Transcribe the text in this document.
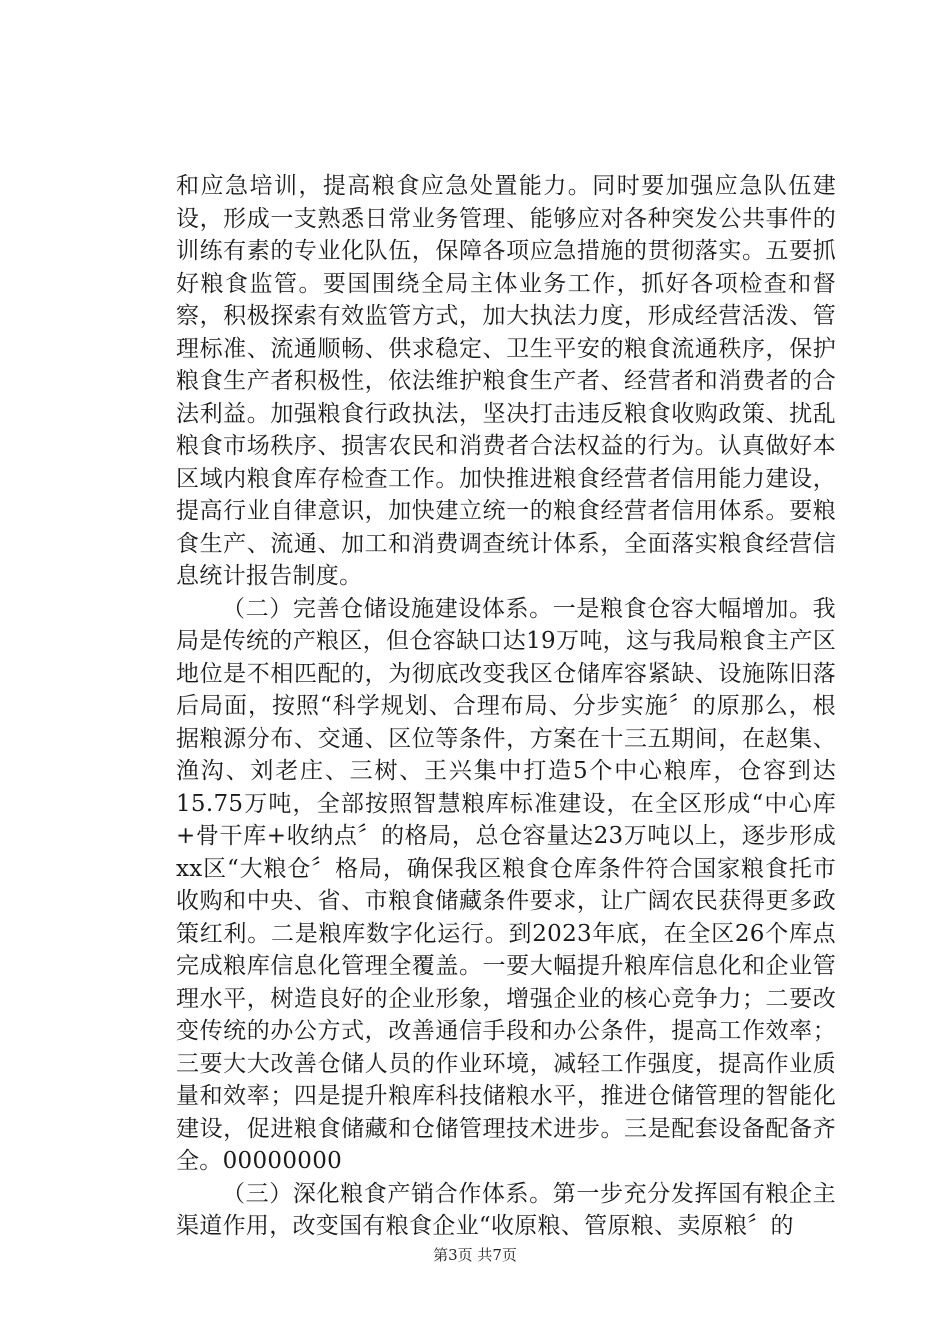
和应急培训，提高粮食应急处置能力。同时要加强应急队伍建设，形成一支熟悉日常业务管理、能够应对各种突发公共事件的训练有素的专业化队伍，保障各项应急措施的贯彻落实。五要抓好粮食监管。要国围绕全局主体业务工作，抓好各项检查和督察，积极探索有效监管方式，加大执法力度，形成经营活泼、管理标准、流通顺畅、供求稳定、卫生平安的粮食流通秩序，保护粮食生产者积极性，依法维护粮食生产者、经营者和消费者的合法利益。加强粮食行政执法，坚决打击违反粮食收购政策、扰乱粮食市场秩序、损害农民和消费者合法权益的行为。认真做好本区域内粮食库存检查工作。加快推进粮食经营者信用能力建设，提高行业自律意识，加快建立统一的粮食经营者信用体系。要粮食生产、流通、加工和消费调查统计体系，全面落实粮食经营信息统计报告制度。

（二）完善仓储设施建设体系。一是粮食仓容大幅增加。我局是传统的产粮区，但仓容缺口达19万吨，这与我局粮食主产区地位是不相匹配的，为彻底改变我区仓储库容紧缺、设施陈旧落后局面，按照“科学规划、合理布局、分步实施〞的原那么，根据粮源分布、交通、区位等条件，方案在十三五期间，在赵集、渔沟、刘老庄、三树、王兴集中打造5个中心粮库，仓容到达15.75万吨，全部按照智慧粮库标准建设，在全区形成“中心库+骨干库+收纳点〞的格局，总仓容量达23万吨以上，逐步形成xx区“大粮仓〞格局，确保我区粮食仓库条件符合国家粮食托市收购和中央、省、市粮食储藏条件要求，让广阔农民获得更多政策红利。二是粮库数字化运行。到2023年底，在全区26个库点完成粮库信息化管理全覆盖。一要大幅提升粮库信息化和企业管理水平，树造良好的企业形象，增强企业的核心竞争力；二要改变传统的办公方式，改善通信手段和办公条件，提高工作效率；三要大大改善仓储人员的作业环境，减轻工作强度，提高作业质量和效率；四是提升粮库科技储粮水平，推进仓储管理的智能化建设，促进粮食储藏和仓储管理技术进步。三是配套设备配备齐全。00000000

（三）深化粮食产销合作体系。第一步充分发挥国有粮企主渠道作用，改变国有粮食企业“收原粮、管原粮、卖原粮〞的

第3页 共7页
